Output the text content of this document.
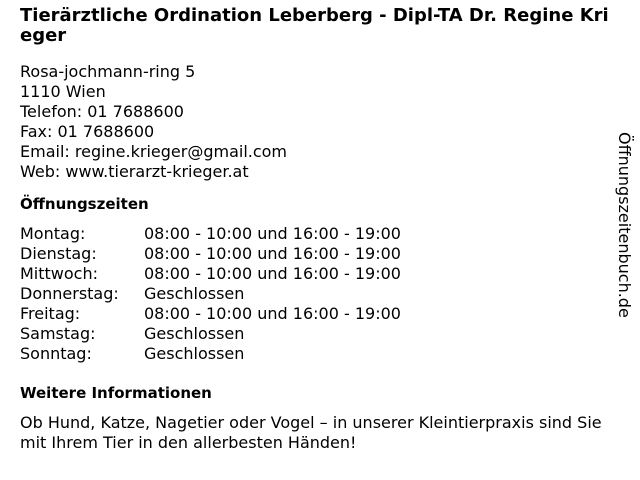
Tierärztliche Ordination Leberberg - Dipl-TA Dr. Regine Krieger
Rosa-jochmann-ring 5
1110 Wien
Telefon: 01 7688600
Fax: 01 7688600
Email: regine.krieger@gmail.com
Web: www.tierarzt-krieger.at
Öffnungszeiten
Montag:	08:00 - 10:00 und 16:00 - 19:00
Dienstag:	08:00 - 10:00 und 16:00 - 19:00
Mittwoch:	08:00 - 10:00 und 16:00 - 19:00
Donnerstag:	Geschlossen
Freitag:	08:00 - 10:00 und 16:00 - 19:00
Samstag:	Geschlossen
Sonntag:	Geschlossen
Weitere Informationen
Ob Hund, Katze, Nagetier oder Vogel – in unserer Kleintierpraxis sind Sie mit Ihrem Tier in den allerbesten Händen!
Öffnungszeitenbuch.de
